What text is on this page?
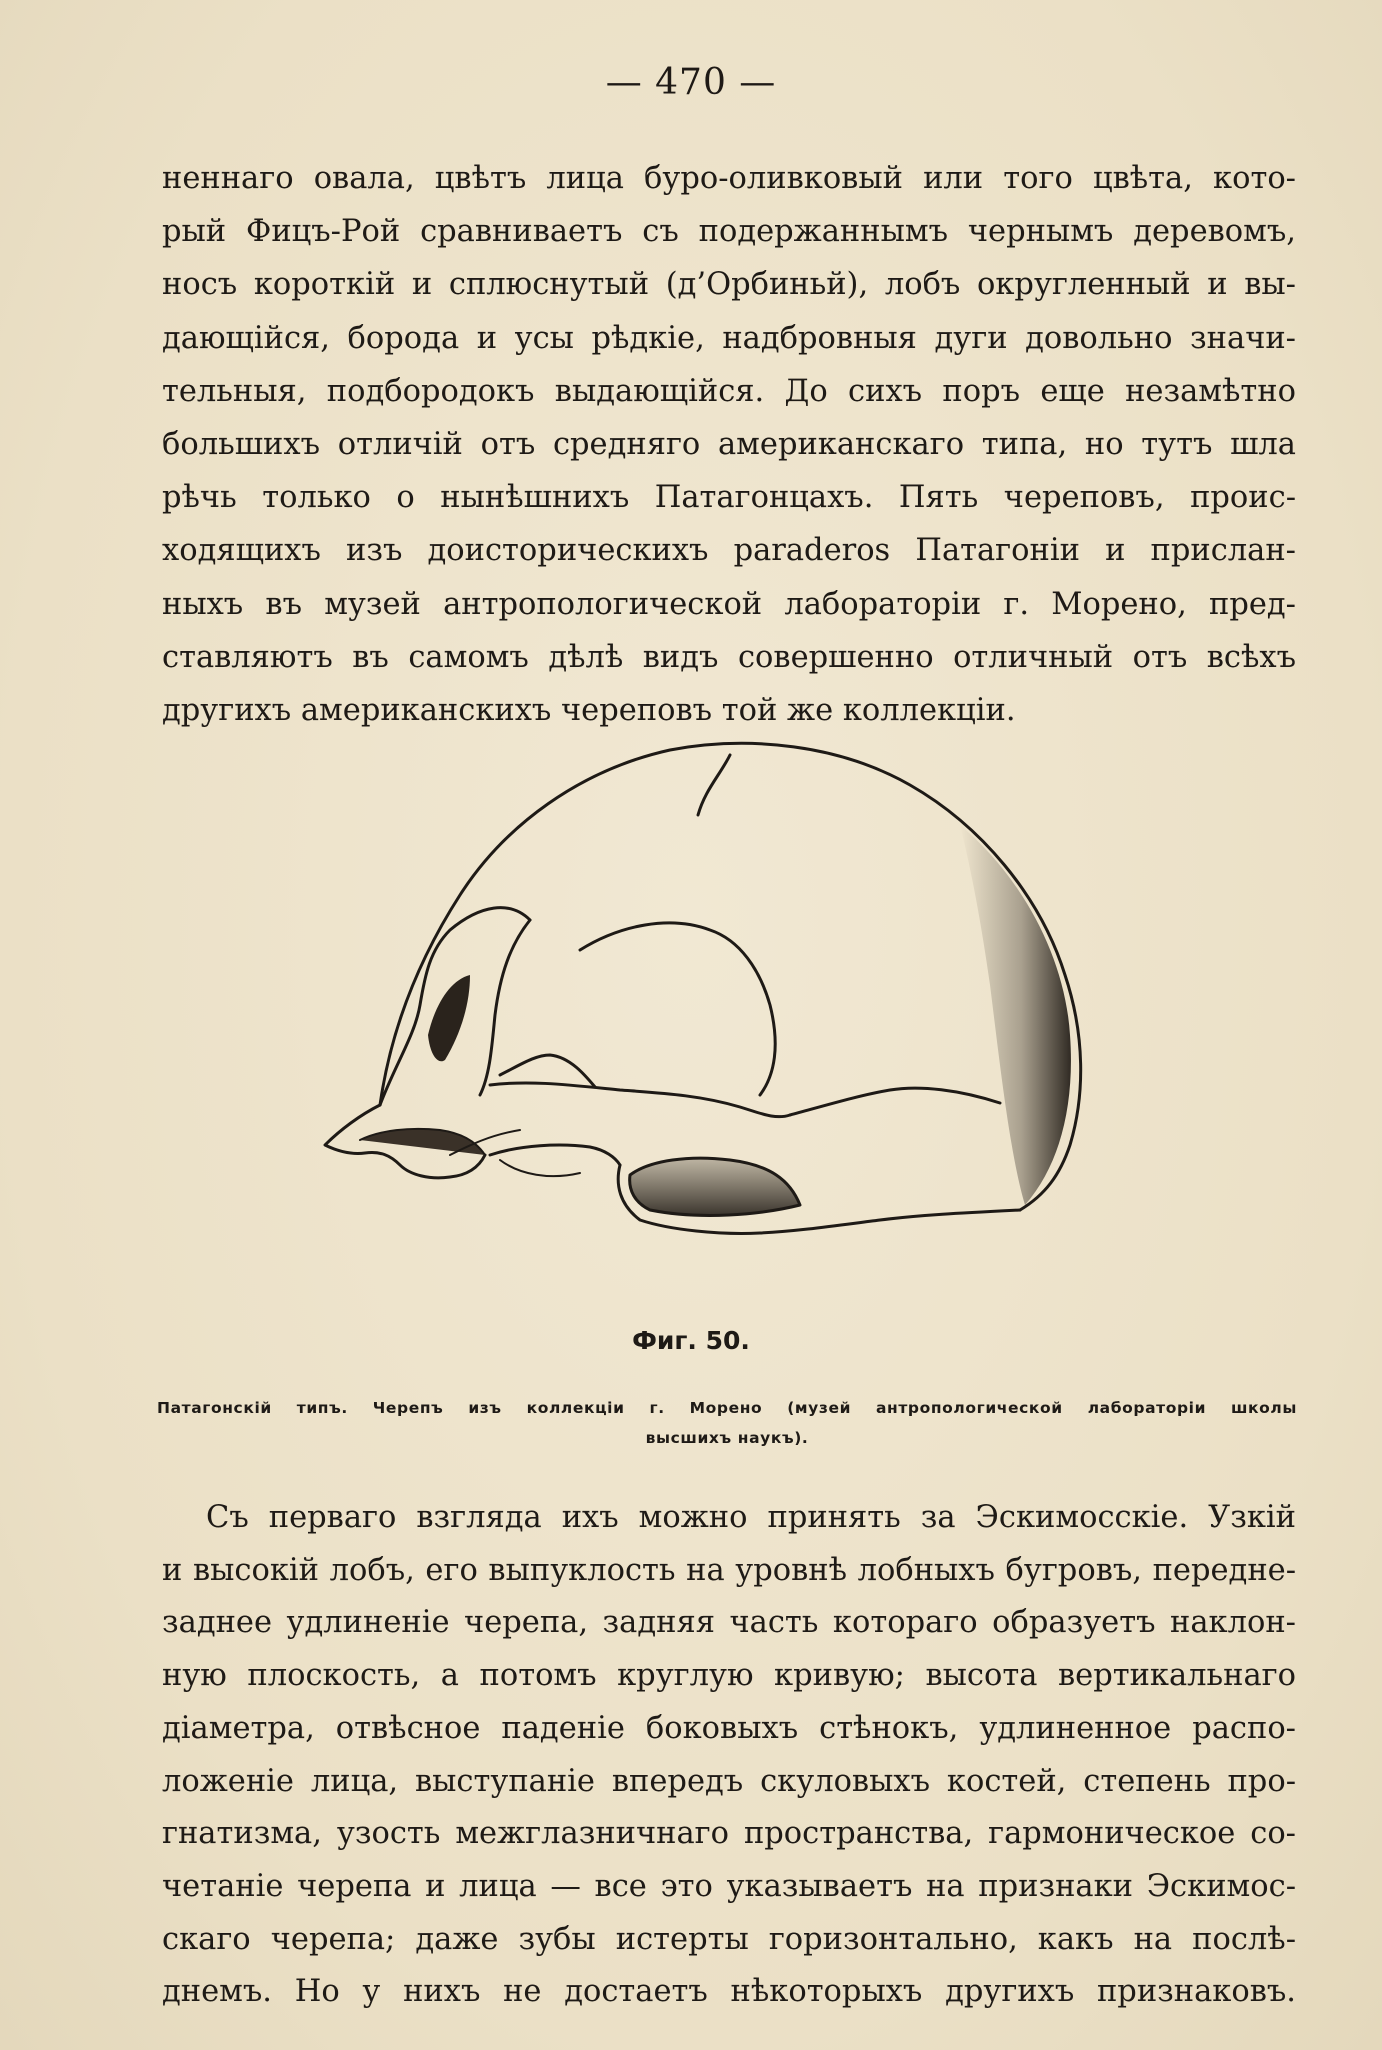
— 470 —

неннаго овала, цвѣтъ лица буро-оливковый или того цвѣта, кото-
рый Фицъ-Рой сравниваетъ съ подержаннымъ чернымъ деревомъ,
носъ короткій и сплюснутый (д’Орбиньй), лобъ округленный и вы-
дающійся, борода и усы рѣдкіе, надбровныя дуги довольно значи-
тельныя, подбородокъ выдающійся. До сихъ поръ еще незамѣтно
большихъ отличій отъ средняго американскаго типа, но тутъ шла
рѣчь только о нынѣшнихъ Патагонцахъ. Пять череповъ, проис-
ходящихъ изъ доисторическихъ paraderos Патагоніи и прислан-
ныхъ въ музей антропологической лабораторіи г. Морено, пред-
ставляютъ въ самомъ дѣлѣ видъ совершенно отличный отъ всѣхъ
другихъ американскихъ череповъ той же коллекціи.

Фиг. 50.
Патагонскій типъ. Черепъ изъ коллекціи г. Морено (музей антропологической лабораторіи школы
высшихъ наукъ).

Съ перваго взгляда ихъ можно принять за Эскимосскіе. Узкій
и высокій лобъ, его выпуклость на уровнѣ лобныхъ бугровъ, передне-
заднее удлиненіе черепа, задняя часть котораго образуетъ наклон-
ную плоскость, а потомъ круглую кривую; высота вертикальнаго
діаметра, отвѣсное паденіе боковыхъ стѣнокъ, удлиненное распо-
ложеніе лица, выступаніе впередъ скуловыхъ костей, степень про-
гнатизма, узость межглазничнаго пространства, гармоническое со-
четаніе черепа и лица — все это указываетъ на признаки Эскимос-
скаго черепа; даже зубы истерты горизонтально, какъ на послѣ-
днемъ. Но у нихъ не достаетъ нѣкоторыхъ другихъ признаковъ.
